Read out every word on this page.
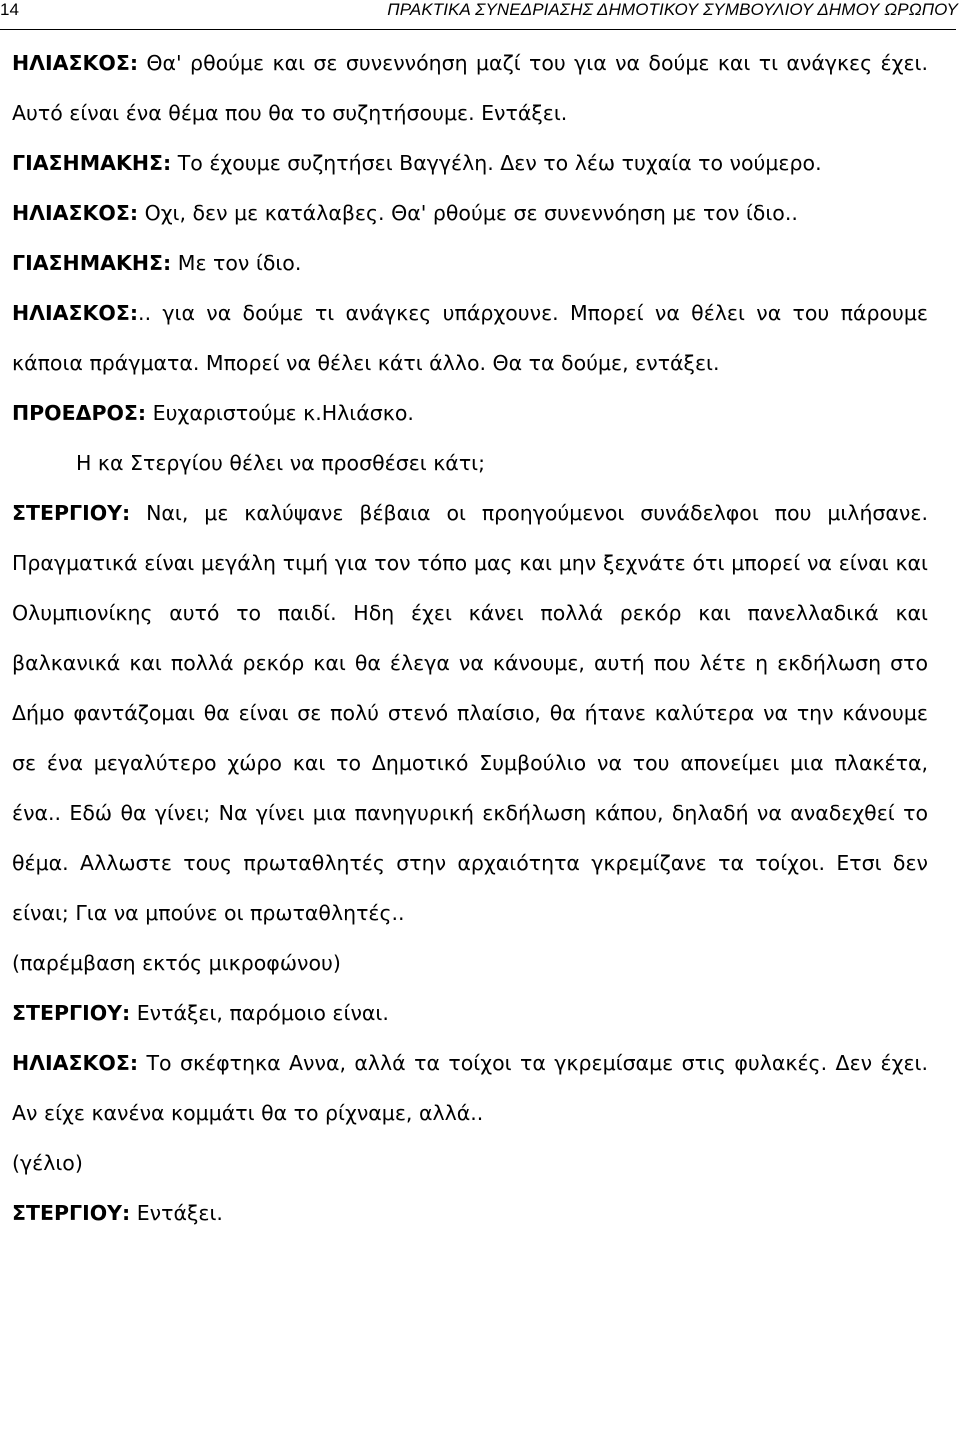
14	ΠΡΑΚΤΙΚΑ ΣΥΝΕΔΡΙΑΣΗΣ ΔΗΜΟΤΙΚΟΥ ΣΥΜΒΟΥΛΙΟΥ ΔΗΜΟΥ ΩΡΩΠΟΥ

ΗΛΙΑΣΚΟΣ: Θα' ρθούμε και σε συνεννόηση μαζί του για να δούμε και τι ανάγκες έχει. Αυτό είναι ένα θέμα που θα το συζητήσουμε. Εντάξει.

ΓΙΑΣΗΜΑΚΗΣ: Το έχουμε συζητήσει Βαγγέλη. Δεν το λέω τυχαία το νούμερο.

ΗΛΙΑΣΚΟΣ: Οχι, δεν με κατάλαβες. Θα' ρθούμε σε συνεννόηση με τον ίδιο..

ΓΙΑΣΗΜΑΚΗΣ: Με τον ίδιο.

ΗΛΙΑΣΚΟΣ:.. για να δούμε τι ανάγκες υπάρχουνε. Μπορεί να θέλει να του πάρουμε κάποια πράγματα. Μπορεί να θέλει κάτι άλλο. Θα τα δούμε, εντάξει.

ΠΡΟΕΔΡΟΣ: Ευχαριστούμε κ.Ηλιάσκο.

Η κα Στεργίου θέλει να προσθέσει κάτι;

ΣΤΕΡΓΙΟΥ: Ναι, με καλύψανε βέβαια οι προηγούμενοι συνάδελφοι που μιλήσανε. Πραγματικά είναι μεγάλη τιμή για τον τόπο μας και μην ξεχνάτε ότι μπορεί να είναι και Ολυμπιονίκης αυτό το παιδί. Ηδη έχει κάνει πολλά ρεκόρ και πανελλαδικά και βαλκανικά και πολλά ρεκόρ και θα έλεγα να κάνουμε, αυτή που λέτε η εκδήλωση στο Δήμο φαντάζομαι θα είναι σε πολύ στενό πλαίσιο, θα ήτανε καλύτερα να την κάνουμε σε ένα μεγαλύτερο χώρο και το Δημοτικό Συμβούλιο να του απονείμει μια πλακέτα, ένα.. Εδώ θα γίνει; Να γίνει μια πανηγυρική εκδήλωση κάπου, δηλαδή να αναδεχθεί το θέμα. Αλλωστε τους πρωταθλητές στην αρχαιότητα γκρεμίζανε τα τοίχοι. Ετσι δεν είναι; Για να μπούνε οι πρωταθλητές..

(παρέμβαση εκτός μικροφώνου)

ΣΤΕΡΓΙΟΥ: Εντάξει, παρόμοιο είναι.

ΗΛΙΑΣΚΟΣ: Το σκέφτηκα Αννα, αλλά τα τοίχοι τα γκρεμίσαμε στις φυλακές. Δεν έχει. Αν είχε κανένα κομμάτι θα το ρίχναμε, αλλά..

(γέλιο)

ΣΤΕΡΓΙΟΥ: Εντάξει.
